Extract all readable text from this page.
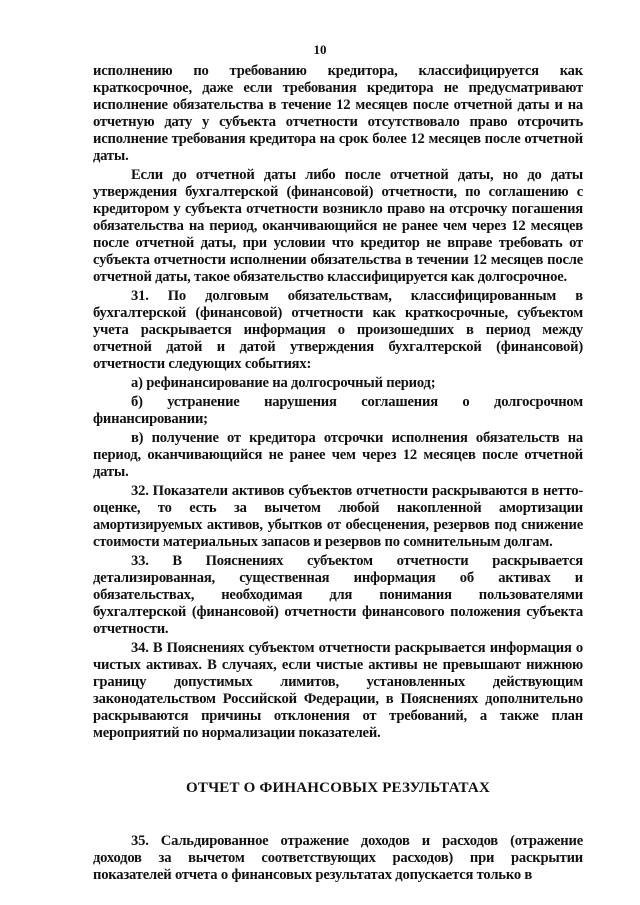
10

исполнению по требованию кредитора, классифицируется как краткосрочное, даже если требования кредитора не предусматривают исполнение обязательства в течение 12 месяцев после отчетной даты и на отчетную дату у субъекта отчетности отсутствовало право отсрочить исполнение требования кредитора на срок более 12 месяцев после отчетной даты.

Если до отчетной даты либо после отчетной даты, но до даты утверждения бухгалтерской (финансовой) отчетности, по соглашению с кредитором у субъекта отчетности возникло право на отсрочку погашения обязательства на период, оканчивающийся не ранее чем через 12 месяцев после отчетной даты, при условии что кредитор не вправе требовать от субъекта отчетности исполнении обязательства в течении 12 месяцев после отчетной даты, такое обязательство классифицируется как долгосрочное.

31. По долговым обязательствам, классифицированным в бухгалтерской (финансовой) отчетности как краткосрочные, субъектом учета раскрывается информация о произошедших в период между отчетной датой и датой утверждения бухгалтерской (финансовой) отчетности следующих событиях:

а) рефинансирование на долгосрочный период;

б) устранение нарушения соглашения о долгосрочном финансировании;

в) получение от кредитора отсрочки исполнения обязательств на период, оканчивающийся не ранее чем через 12 месяцев после отчетной даты.

32. Показатели активов субъектов отчетности раскрываются в нетто-оценке, то есть за вычетом любой накопленной амортизации амортизируемых активов, убытков от обесценения, резервов под снижение стоимости материальных запасов и резервов по сомнительным долгам.

33. В Пояснениях субъектом отчетности раскрывается детализированная, существенная информация об активах и обязательствах, необходимая для понимания пользователями бухгалтерской (финансовой) отчетности финансового положения субъекта отчетности.

34. В Пояснениях субъектом отчетности раскрывается информация о чистых активах. В случаях, если чистые активы не превышают нижнюю границу допустимых лимитов, установленных действующим законодательством Российской Федерации, в Пояснениях дополнительно раскрываются причины отклонения от требований, а также план мероприятий по нормализации показателей.

ОТЧЕТ О ФИНАНСОВЫХ РЕЗУЛЬТАТАХ

35. Сальдированное отражение доходов и расходов (отражение доходов за вычетом соответствующих расходов) при раскрытии показателей отчета о финансовых результатах допускается только в
